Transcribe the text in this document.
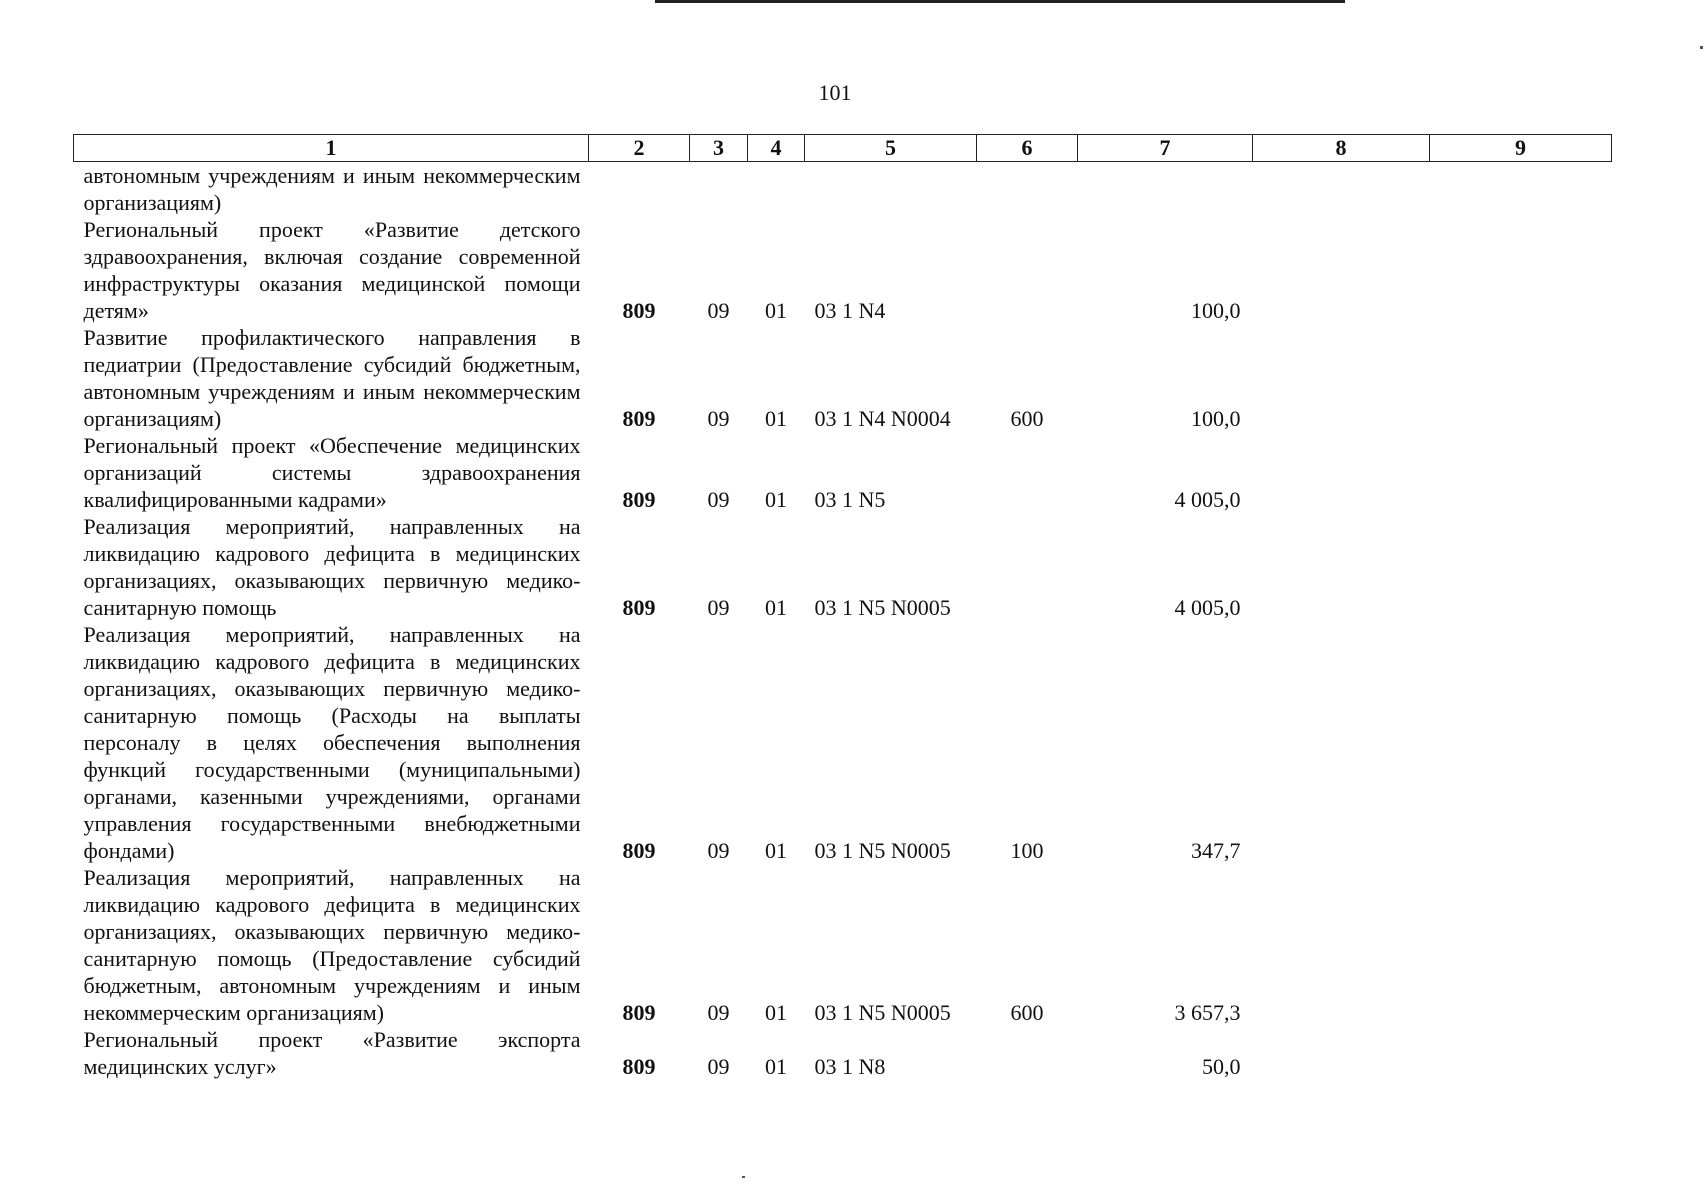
101
1	2	3	4	5	6	7	8	9
автономным учреждениям и иным некоммерческим организациям)								
Региональный проект «Развитие детского здравоохранения, включая создание современной инфраструктуры оказания медицинской помощи детям»	809	09	01	03 1 N4		100,0		
Развитие профилактического направления в педиатрии (Предоставление субсидий бюджетным, автономным учреждениям и иным некоммерческим организациям)	809	09	01	03 1 N4 N0004	600	100,0		
Региональный проект «Обеспечение медицинских организаций системы здравоохранения квалифицированными кадрами»	809	09	01	03 1 N5		4 005,0		
Реализация мероприятий, направленных на ликвидацию кадрового дефицита в медицинских организациях, оказывающих первичную медико-санитарную помощь	809	09	01	03 1 N5 N0005		4 005,0		
Реализация мероприятий, направленных на ликвидацию кадрового дефицита в медицинских организациях, оказывающих первичную медико-санитарную помощь (Расходы на выплаты персоналу в целях обеспечения выполнения функций государственными (муниципальными) органами, казенными учреждениями, органами управления государственными внебюджетными фондами)	809	09	01	03 1 N5 N0005	100	347,7		
Реализация мероприятий, направленных на ликвидацию кадрового дефицита в медицинских организациях, оказывающих первичную медико-санитарную помощь (Предоставление субсидий бюджетным, автономным учреждениям и иным некоммерческим организациям)	809	09	01	03 1 N5 N0005	600	3 657,3		
Региональный проект «Развитие экспорта медицинских услуг»	809	09	01	03 1 N8		50,0		
